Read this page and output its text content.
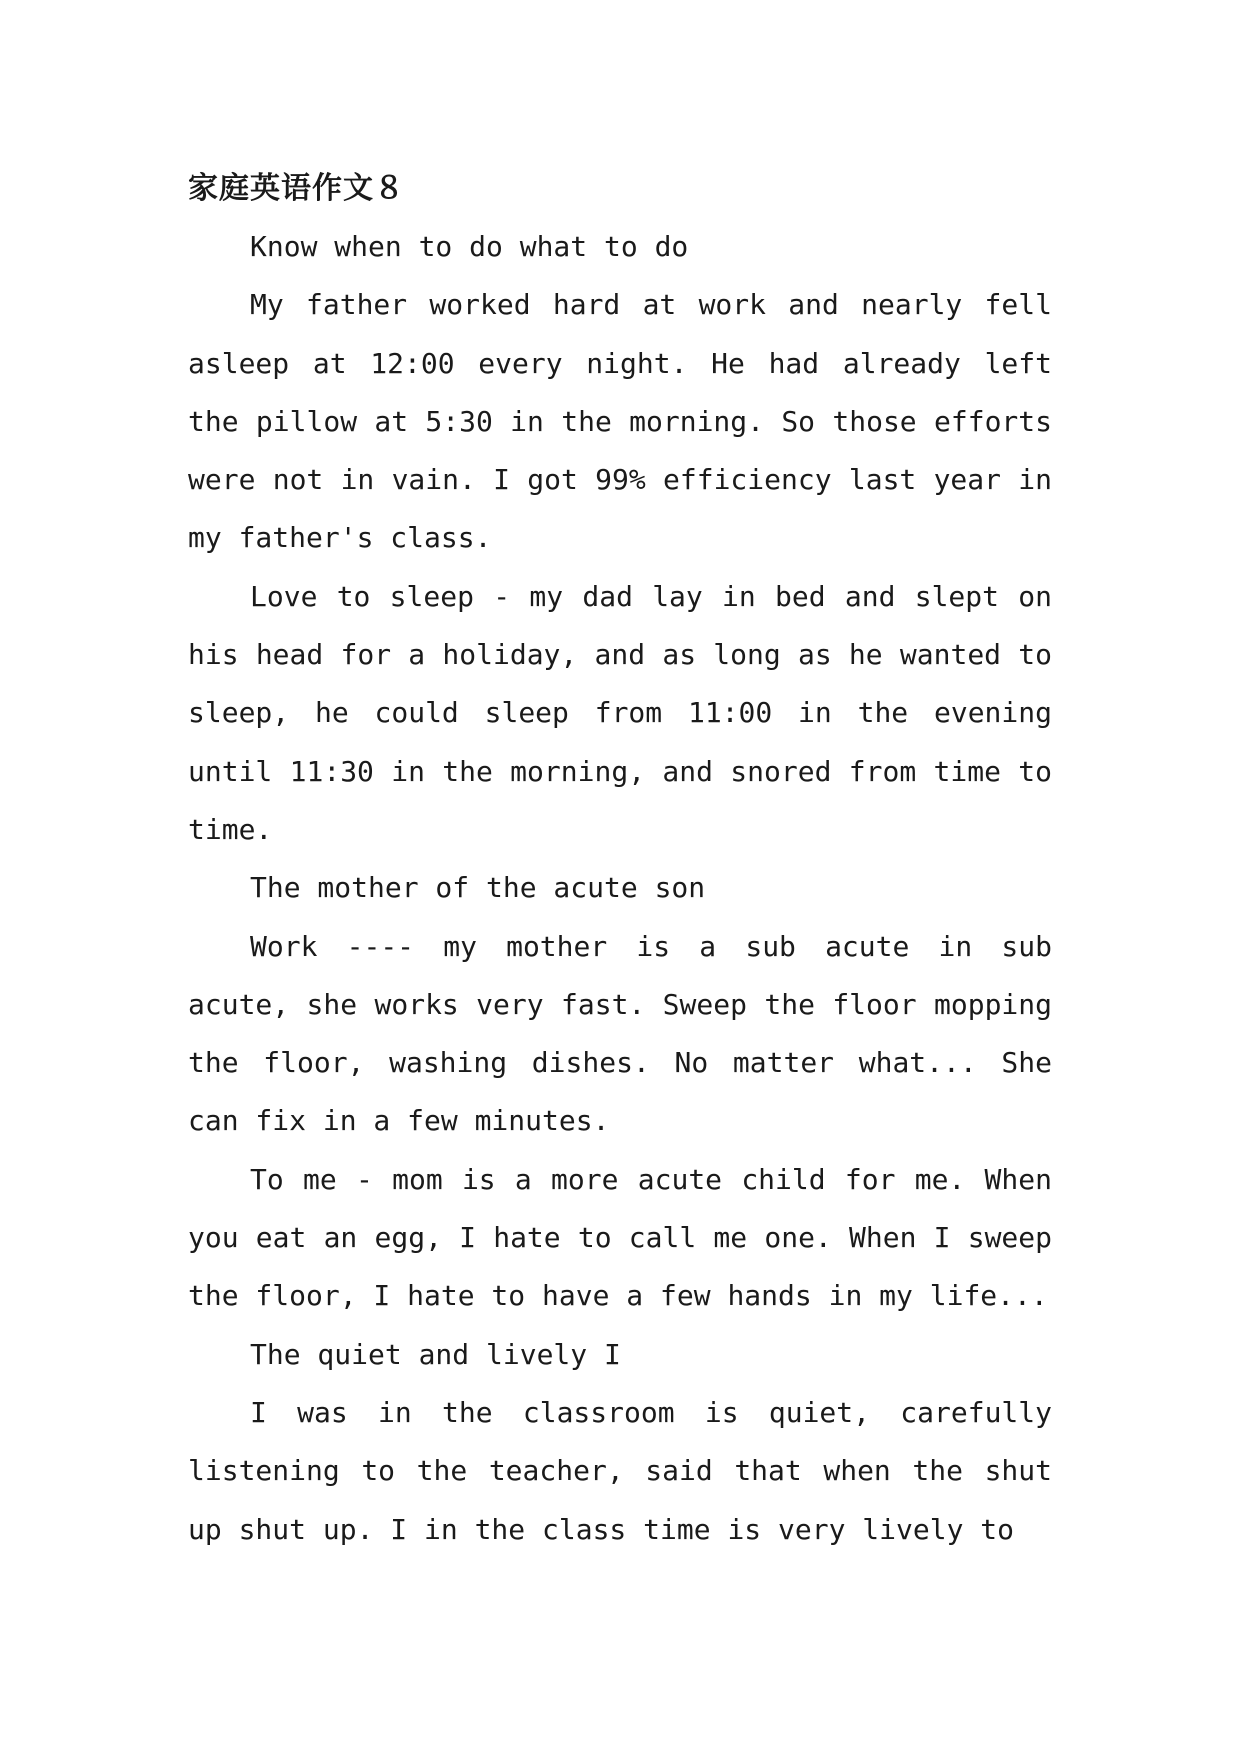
家庭英语作文８

Know when to do what to do

My father worked hard at work and nearly fell asleep at 12:00 every night. He had already left the pillow at 5:30 in the morning. So those efforts were not in vain. I got 99% efficiency last year in my father's class.

Love to sleep - my dad lay in bed and slept on his head for a holiday, and as long as he wanted to sleep, he could sleep from 11:00 in the evening until 11:30 in the morning, and snored from time to time.

The mother of the acute son

Work ---- my mother is a sub acute in sub acute, she works very fast. Sweep the floor mopping the floor, washing dishes. No matter what... She can fix in a few minutes.

To me - mom is a more acute child for me. When you eat an egg, I hate to call me one. When I sweep the floor, I hate to have a few hands in my life...

The quiet and lively I

I was in the classroom is quiet, carefully listening to the teacher, said that when the shut up shut up. I in the class time is very lively to
